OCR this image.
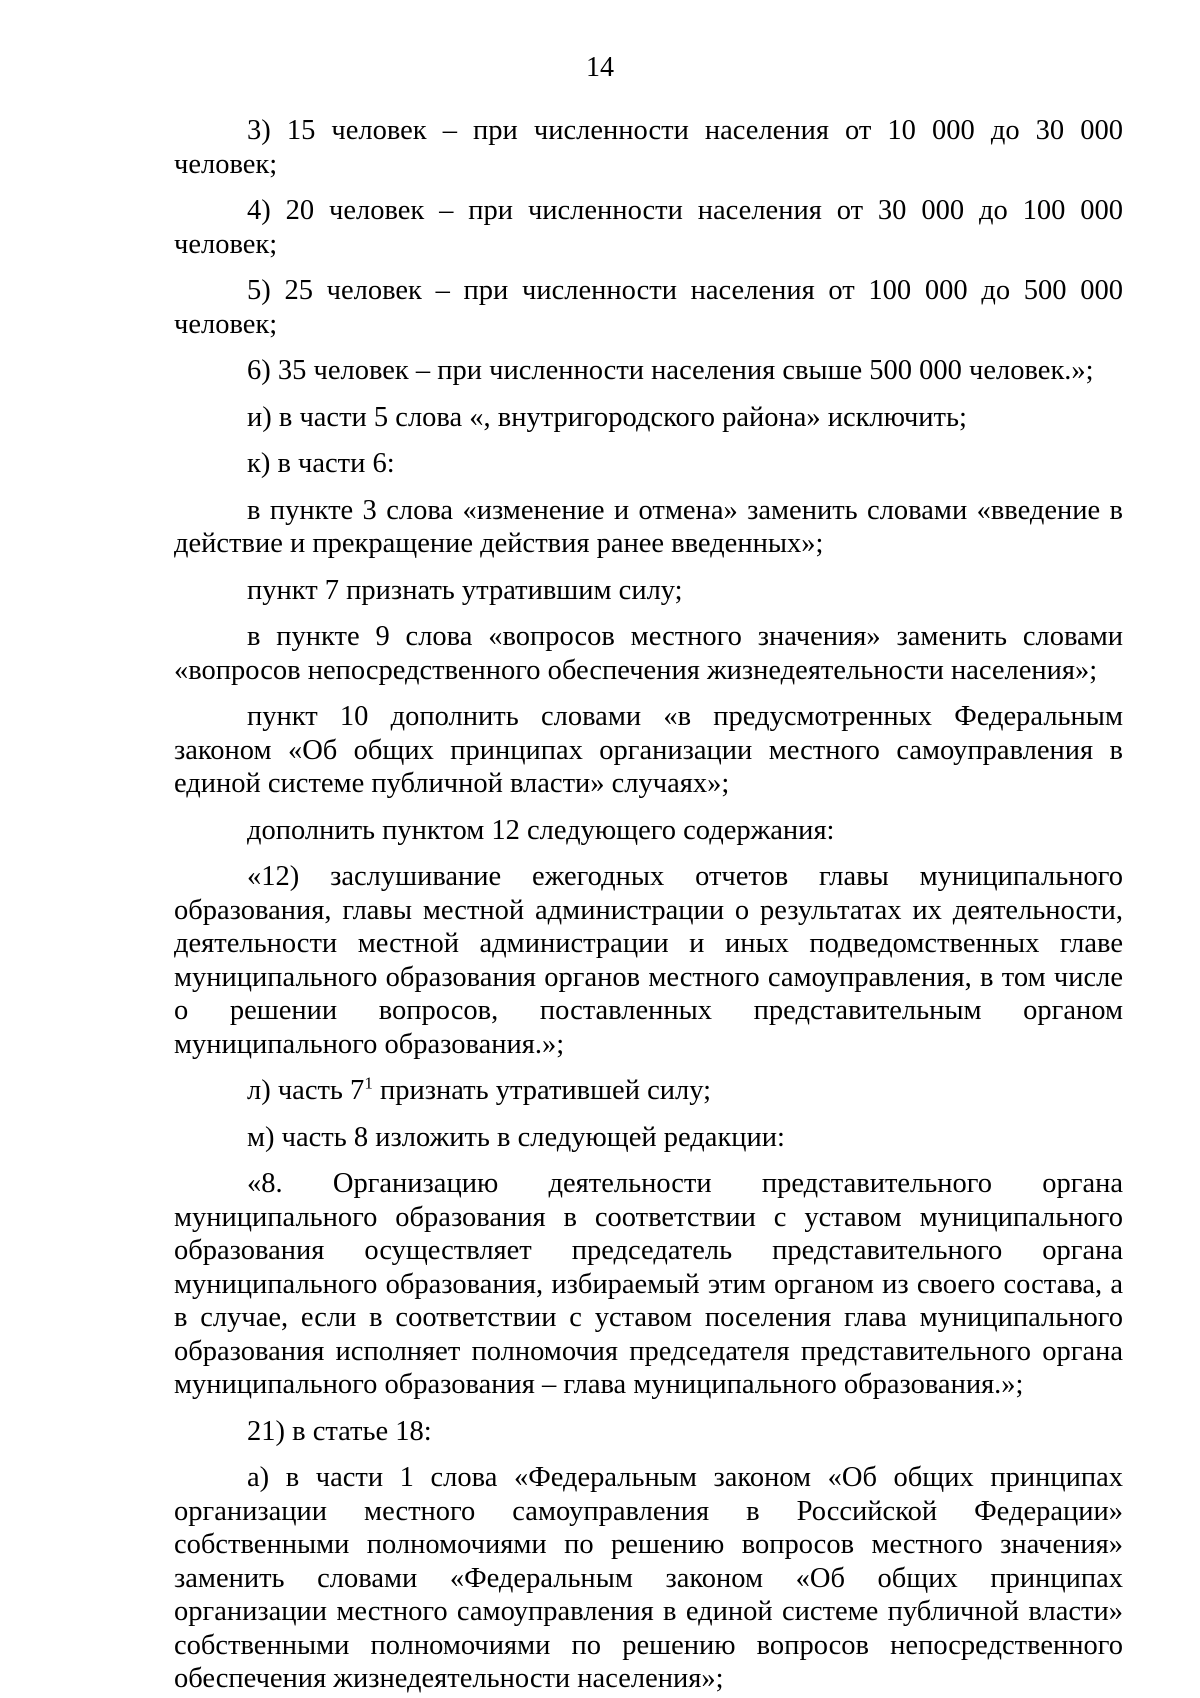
14

3) 15 человек – при численности населения от 10 000 до 30 000 человек;

4) 20 человек – при численности населения от 30 000 до 100 000 человек;

5) 25 человек – при численности населения от 100 000 до 500 000 человек;

6) 35 человек – при численности населения свыше 500 000 человек.»;

и) в части 5 слова «, внутригородского района» исключить;

к) в части 6:

в пункте 3 слова «изменение и отмена» заменить словами «введение в действие и прекращение действия ранее введенных»;

пункт 7 признать утратившим силу;

в пункте 9 слова «вопросов местного значения» заменить словами «вопросов непосредственного обеспечения жизнедеятельности населения»;

пункт 10 дополнить словами «в предусмотренных Федеральным законом «Об общих принципах организации местного самоуправления в единой системе публичной власти» случаях»;

дополнить пунктом 12 следующего содержания:

«12) заслушивание ежегодных отчетов главы муниципального образования, главы местной администрации о результатах их деятельности, деятельности местной администрации и иных подведомственных главе муниципального образования органов местного самоуправления, в том числе о решении вопросов, поставленных представительным органом муниципального образования.»;

л) часть $7^1$ признать утратившей силу;

м) часть 8 изложить в следующей редакции:

«8. Организацию деятельности представительного органа муниципального образования в соответствии с уставом муниципального образования осуществляет председатель представительного органа муниципального образования, избираемый этим органом из своего состава, а в случае, если в соответствии с уставом поселения глава муниципального образования исполняет полномочия председателя представительного органа муниципального образования – глава муниципального образования.»;

21) в статье 18:

а) в части 1 слова «Федеральным законом «Об общих принципах организации местного самоуправления в Российской Федерации» собственными полномочиями по решению вопросов местного значения» заменить словами «Федеральным законом «Об общих принципах организации местного самоуправления в единой системе публичной власти» собственными полномочиями по решению вопросов непосредственного обеспечения жизнедеятельности населения»;
